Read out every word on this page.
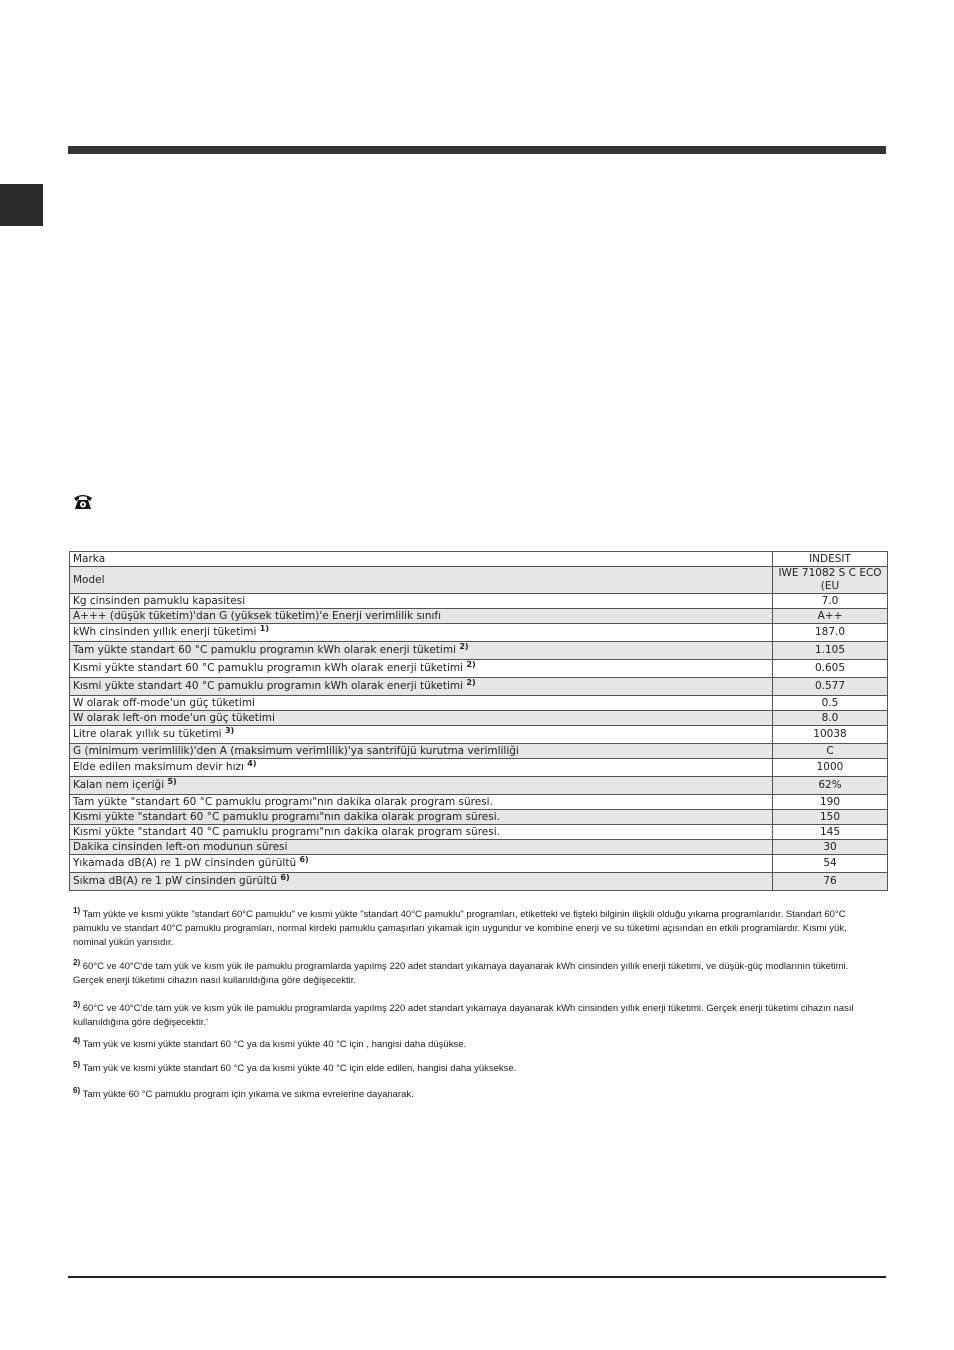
Marka	INDESIT
Model	IWE 71082 S C ECO (EU
Kg cinsinden pamuklu kapasitesi	7.0
A+++ (düşük tüketim)'dan G (yüksek tüketim)'e Enerji verimlilik sınıfı	A++
kWh cinsinden yıllık enerji tüketimi $^{1)}$	187.0
Tam yükte standart 60 °C pamuklu programın kWh olarak enerji tüketimi $^{2)}$	1.105
Kısmi yükte standart 60 °C pamuklu programın kWh olarak enerji tüketimi $^{2)}$	0.605
Kısmi yükte standart 40 °C pamuklu programın kWh olarak enerji tüketimi $^{2)}$	0.577
W olarak off-mode'un güç tüketimi	0.5
W olarak left-on mode'un güç tüketimi	8.0
Litre olarak yıllık su tüketimi $^{3)}$	10038
G (minimum verimlilik)'den A (maksimum verimlilik)'ya santrifüjü kurutma verimliliği	C
Elde edilen maksimum devir hızı $^{4)}$	1000
Kalan nem içeriği $^{5)}$	62%
Tam yükte "standart 60 °C pamuklu programı"nın dakika olarak program süresi.	190
Kısmi yükte "standart 60 °C pamuklu programı"nın dakika olarak program süresi.	150
Kısmi yükte "standart 40 °C pamuklu programı"nın dakika olarak program süresi.	145
Dakika cinsinden left-on modunun süresi	30
Yıkamada dB(A) re 1 pW cinsinden gürültü $^{6)}$	54
Sıkma dB(A) re 1 pW cinsinden gürültü $^{6)}$	76

$^{1)}$ Tam yükte ve kısmi yükte "standart 60°C pamuklu" ve kısmi yükte "standart 40°C pamuklu" programları, etiketteki ve fişteki bilginin ilişkili olduğu yıkama programlarıdır. Standart 60°C pamuklu ve standart 40°C pamuklu programları, normal kirdeki pamuklu çamaşırları yıkamak için uygundur ve kombine enerji ve su tüketimi açısından en etkili programlardır. Kısmi yük, nominal yükün yarısıdır.

$^{2)}$ 60°C ve 40°C'de tam yük ve kısm yük ile pamuklu programlarda yapılmş 220 adet standart yıkamaya dayanarak kWh cinsinden yıllık enerji tüketimi, ve düşük-güç modlarının tüketimi. Gerçek enerji tüketimi cihazın nasıl kullanıldığına göre değişecektir.

$^{3)}$ 60°C ve 40°C'de tam yük ve kısm yük ile pamuklu programlarda yapılmş 220 adet standart yıkamaya dayanarak kWh cinsinden yıllık enerji tüketimi. Gerçek enerji tüketimi cihazın nasıl kullanıldığına göre değişecektir.'

$^{4)}$ Tam yük ve kısmi yükte standart 60 °C ya da kısmi yükte 40 °C için , hangisi daha düşükse.

$^{5)}$ Tam yük ve kısmi yükte standart 60 °C ya da kısmi yükte 40 °C için elde edilen, hangisi daha yüksekse.

$^{6)}$ Tam yükte 60 °C pamuklu program için yıkama ve sıkma evrelerine dayanarak.
